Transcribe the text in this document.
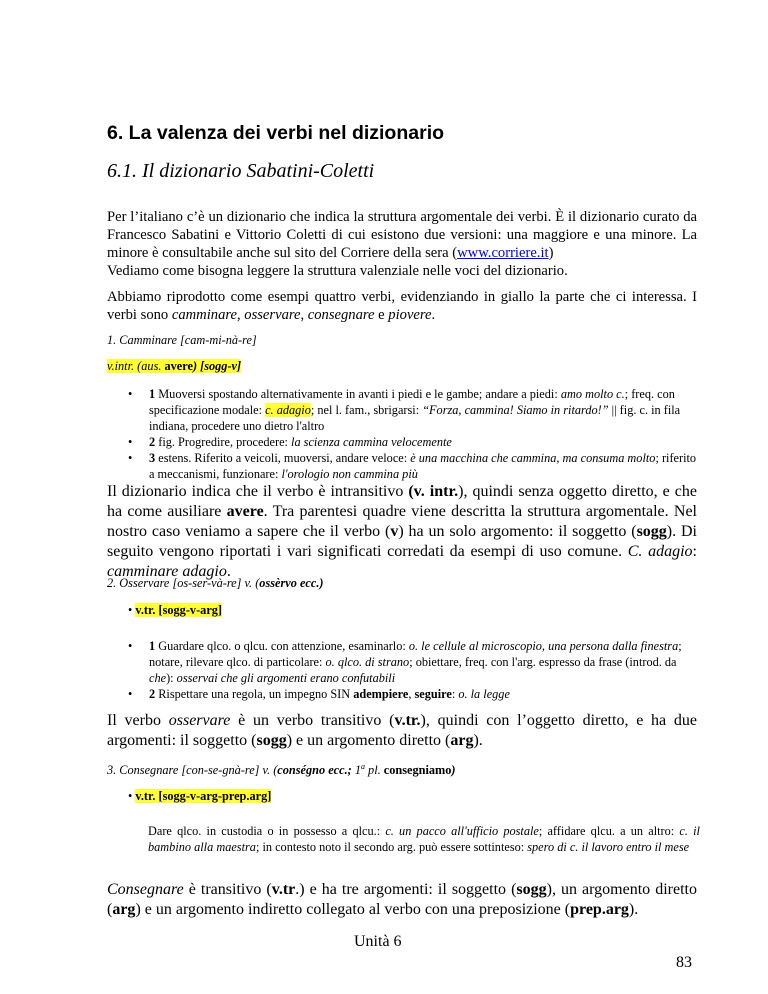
6. La valenza dei verbi nel dizionario
6.1. Il dizionario Sabatini-Coletti

Per l’italiano c’è un dizionario che indica la struttura argomentale dei verbi. È il dizionario curato da Francesco Sabatini e Vittorio Coletti di cui esistono due versioni: una maggiore e una minore. La minore è consultabile anche sul sito del Corriere della sera (www.corriere.it)

Vediamo come bisogna leggere la struttura valenziale nelle voci del dizionario.

Abbiamo riprodotto come esempi quattro verbi, evidenziando in giallo la parte che ci interessa. I verbi sono camminare, osservare, consegnare e piovere.

1. Camminare [cam-mi-nà-re]

v.intr. (aus. avere) [sogg-v]

• 1 Muoversi spostando alternativamente in avanti i piedi e le gambe; andare a piedi: amo molto c.; freq. con specificazione modale: c. adagio; nel l. fam., sbrigarsi: “Forza, cammina! Siamo in ritardo!” || fig. c. in fila indiana, procedere uno dietro l'altro
• 2 fig. Progredire, procedere: la scienza cammina velocemente
• 3 estens. Riferito a veicoli, muoversi, andare veloce: è una macchina che cammina, ma consuma molto; riferito a meccanismi, funzionare: l'orologio non cammina più

Il dizionario indica che il verbo è intransitivo (v. intr.), quindi senza oggetto diretto, e che ha come ausiliare avere. Tra parentesi quadre viene descritta la struttura argomentale. Nel nostro caso veniamo a sapere che il verbo (v) ha un solo argomento: il soggetto (sogg). Di seguito vengono riportati i vari significati corredati da esempi di uso comune. C. adagio: camminare adagio.

2. Osservare [os-ser-và-re] v. (ossèrvo ecc.)

• v.tr. [sogg-v-arg]

• 1 Guardare qlco. o qlcu. con attenzione, esaminarlo: o. le cellule al microscopio, una persona dalla finestra; notare, rilevare qlco. di particolare: o. qlco. di strano; obiettare, freq. con l'arg. espresso da frase (introd. da che): osservai che gli argomenti erano confutabili
• 2 Rispettare una regola, un impegno SIN adempiere, seguire: o. la legge

Il verbo osservare è un verbo transitivo (v.tr.), quindi con l’oggetto diretto, e ha due argomenti: il soggetto (sogg) e un argomento diretto (arg).

3. Consegnare [con-se-gnà-re] v. (conségno ecc.; 1$^a$ pl. consegniamo)

• v.tr. [sogg-v-arg-prep.arg]

Dare qlco. in custodia o in possesso a qlcu.: c. un pacco all'ufficio postale; affidare qlcu. a un altro: c. il bambino alla maestra; in contesto noto il secondo arg. può essere sottinteso: spero di c. il lavoro entro il mese

Consegnare è transitivo (v.tr.) e ha tre argomenti: il soggetto (sogg), un argomento diretto (arg) e un argomento indiretto collegato al verbo con una preposizione (prep.arg).

Unità 6
83
